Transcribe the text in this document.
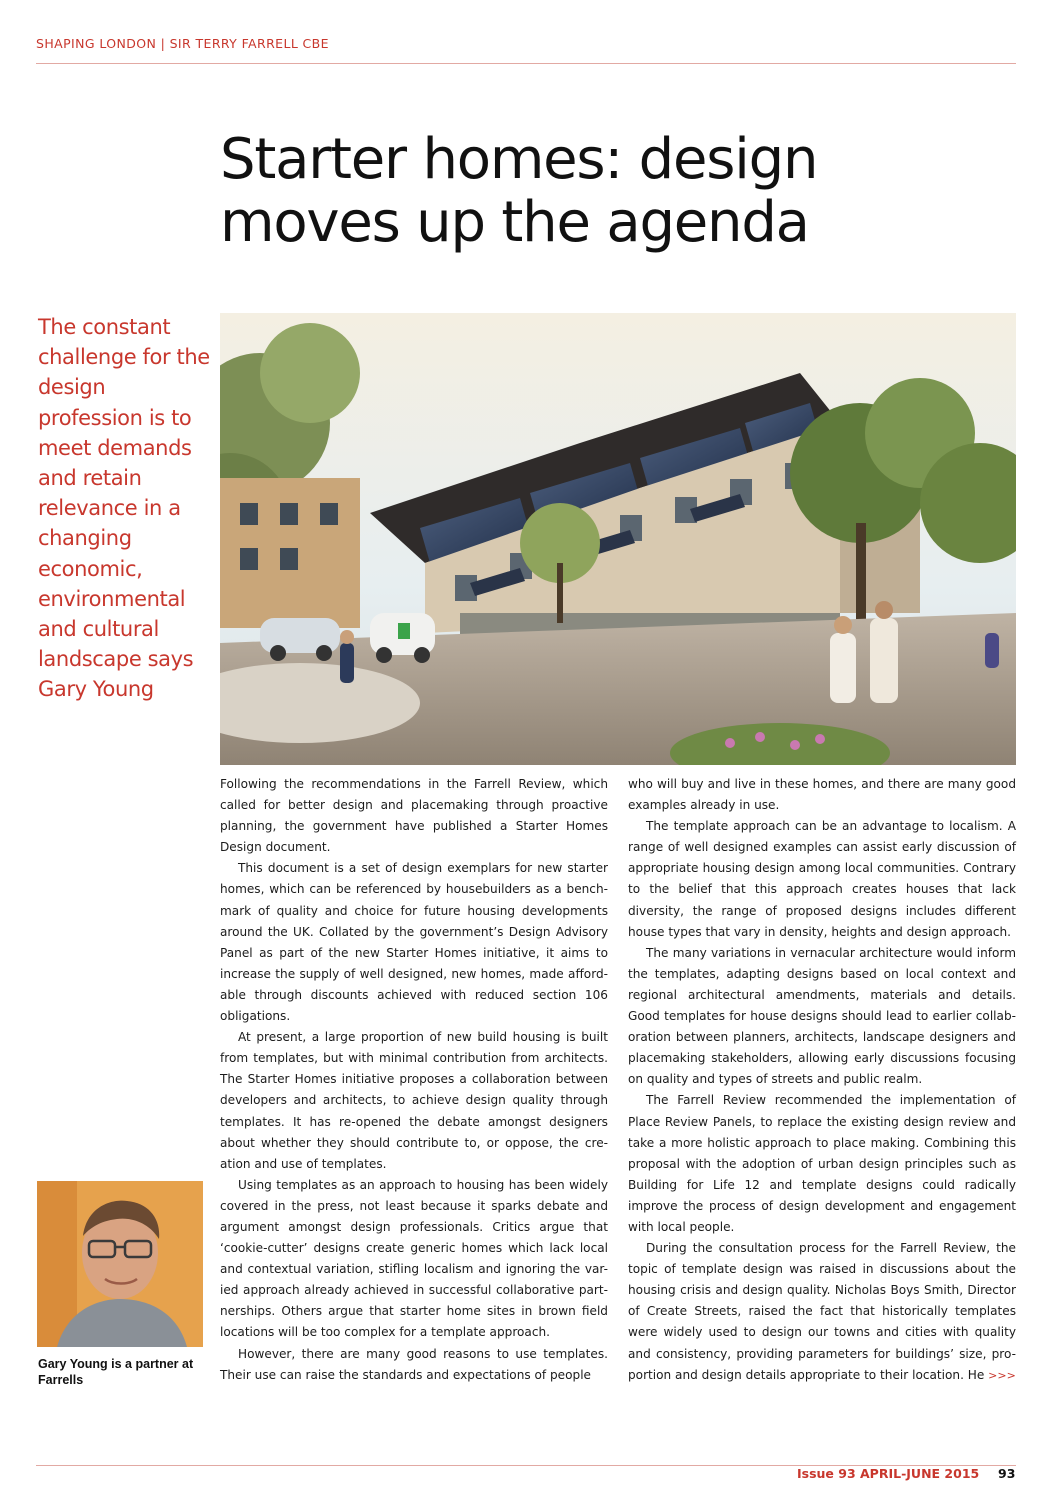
SHAPING LONDON | SIR TERRY FARRELL CBE
Starter homes: design
moves up the agenda

The constant challenge for the design profession is to meet demands and retain relevance in a changing economic, environmental and cultural landscape says Gary Young

Following the recommendations in the Farrell Review, which called for better design and placemaking through proactive planning, the government have published a Starter Homes Design document.

This document is a set of design exemplars for new starter homes, which can be referenced by housebuilders as a bench-mark of quality and choice for future housing developments around the UK. Collated by the government’s Design Advisory Panel as part of the new Starter Homes initiative, it aims to increase the supply of well designed, new homes, made afford-able through discounts achieved with reduced section 106 obligations.

At present, a large proportion of new build housing is built from templates, but with minimal contribution from architects. The Starter Homes initiative proposes a collaboration between developers and architects, to achieve design quality through templates. It has re-opened the debate amongst designers about whether they should contribute to, or oppose, the cre-ation and use of templates.

Using templates as an approach to housing has been widely covered in the press, not least because it sparks debate and argument amongst design professionals. Critics argue that ‘cookie-cutter’ designs create generic homes which lack local and contextual variation, stifling localism and ignoring the var-ied approach already achieved in successful collaborative part-nerships. Others argue that starter home sites in brown field locations will be too complex for a template approach.

However, there are many good reasons to use templates. Their use can raise the standards and expectations of people

who will buy and live in these homes, and there are many good examples already in use.

The template approach can be an advantage to localism. A range of well designed examples can assist early discussion of appropriate housing design among local communities. Contrary to the belief that this approach creates houses that lack diversity, the range of proposed designs includes different house types that vary in density, heights and design approach.

The many variations in vernacular architecture would inform the templates, adapting designs based on local context and regional architectural amendments, materials and details. Good templates for house designs should lead to earlier collab-oration between planners, architects, landscape designers and placemaking stakeholders, allowing early discussions focusing on quality and types of streets and public realm.

The Farrell Review recommended the implementation of Place Review Panels, to replace the existing design review and take a more holistic approach to place making. Combining this proposal with the adoption of urban design principles such as Building for Life 12 and template designs could radically improve the process of design development and engagement with local people.

During the consultation process for the Farrell Review, the topic of template design was raised in discussions about the housing crisis and design quality. Nicholas Boys Smith, Director of Create Streets, raised the fact that historically templates were widely used to design our towns and cities with quality and consistency, providing parameters for buildings’ size, pro-portion and design details appropriate to their location. He >>>

Gary Young is a partner at Farrells

Issue 93 APRIL-JUNE 2015 93
